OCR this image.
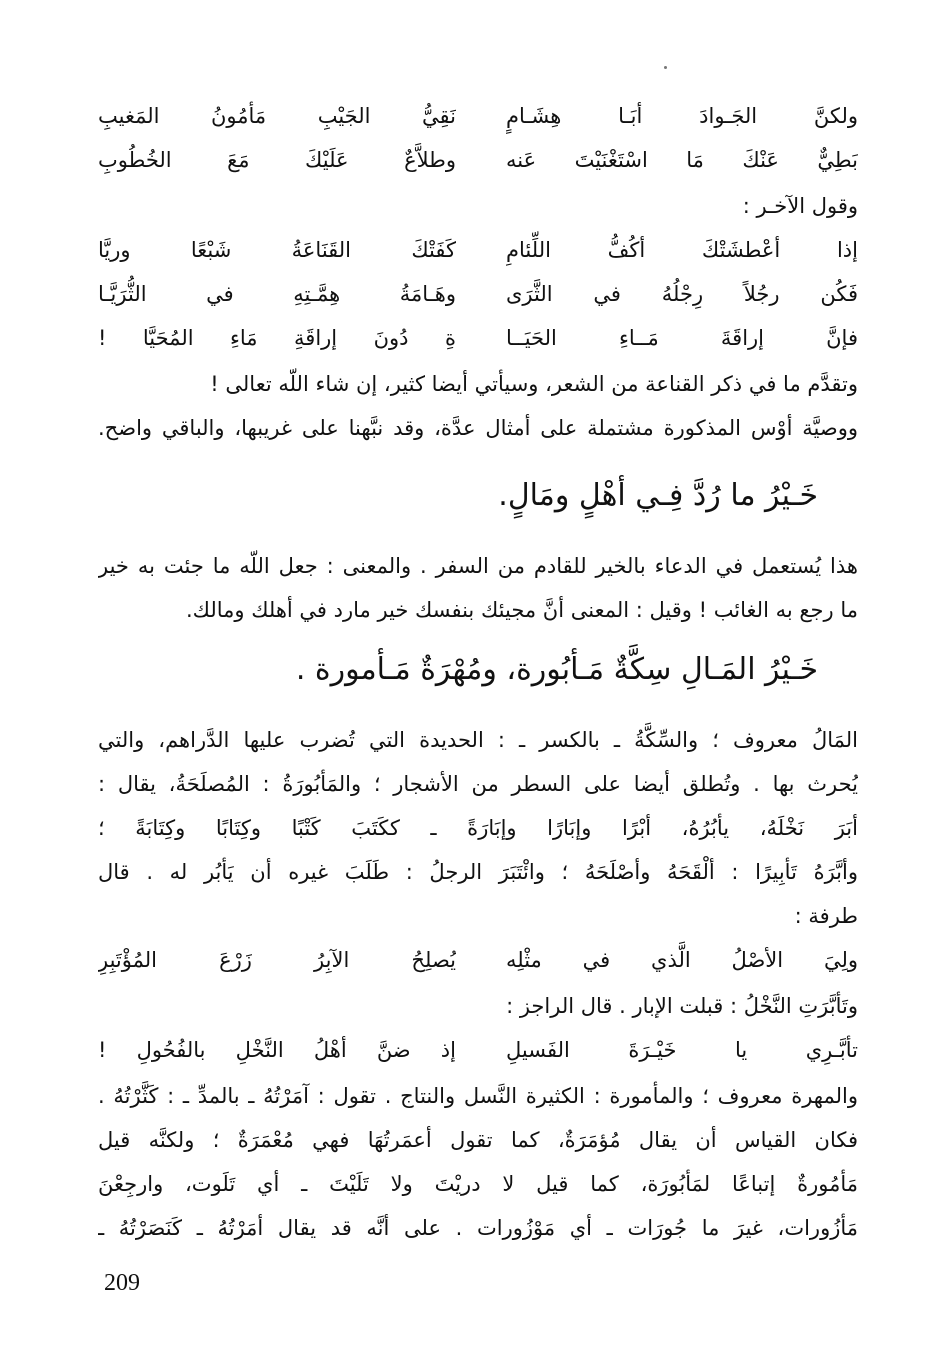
ولكنَّ الجَـوادَ أبَـا هِشَـامٍ
نَقِيُّ الجَيْبِ مَأمُونُ المَغيبِ
بَطِيٌّ عَنْكَ مَا اسْتَغْنَيْتَ عَنه
وطلاَّعٌ عَلَيْكَ مَعَ الخُطُوبِ
وقول الآخـر :
إذا أعْطشَتْكَ أكُفُّ اللِّئامِ
كَفَتْكَ القَنَاعَةُ شَبْعًا وريَّا
فَكُن رجُلاً رِجْلُهُ في الثَّرَى
وهَـامَةُ هِمَّـتِهِ في الثُّرَيَّـا
فإنَّ إراقَةَ مَــاءِ الحَيَــا
ةِ دُونَ إراقَةِ مَاءِ المُحَيَّا !
وتقدَّم ما في ذكر القناعة من الشعر، وسيأتي أيضا كثير، إن شاء اللّه تعالى !
ووصيَّة أوْس المذكورة مشتملة على أمثال عدَّة، وقد نبَّهنا على غريبها، والباقي واضح.
خَـيْرُ ما رُدَّ فِـي أهْلٍ ومَالٍ.
هذا يُستعمل في الدعاء بالخير للقادم من السفر . والمعنى : جعل اللّه ما جئت به خير
ما رجع به الغائب ! وقيل : المعنى أنَّ مجيئك بنفسك خير مارد في أهلك ومالك.
خَـيْرُ المَـالِ سِكَّةٌ مَـأبُورة، ومُهْرَةٌ مَـأمورة .
المَالُ معروف ؛ والسِّكَّةُ ـ بالكسر ـ : الحديدة التي تُضرب عليها الدَّراهم، والتي
يُحرث بها . وتُطلق أيضا على السطر من الأشجار ؛ والمَأبُورَةُ : المُصلَحَةُ، يقال :
أبَرَ نَخْلَهُ، يأبُرُهُ، أبْرًا وإبَارًا وإبَارَةً ـ ككَتَبَ كَتْبًا وكِتَابًا وكِتَابَةً ؛
وأبَّرَهُ تَأبِيرًا : ألْقَحَهُ وأصْلَحَهُ ؛ وائْتَبَرَ الرجلُ : طَلَبَ غيره أن يَأبُر له . قال
طرفة :
ولِيَ الأصْلُ الَّذي في مثْلِه
يُصلِحُ الآبِرُ زَرْعَ المُؤْتَبِرِ
وتَأبَّرَتِ النَّخْلُ : قبلت الإبار . قال الراجز :
تأبَّـرِي يا خَيْـرَةَ الفَسيلِ
إذ ضنَّ أهْلُ النَّخْلِ بالفُحُولِ !
والمهرة معروف ؛ والمأمورة : الكثيرة النَّسل والنتاج . تقول : آمَرْتُهُ ـ بالمدِّ ـ : كَثَّرْتُهُ .
فكان القياس أن يقال مُؤمَرَةٌ، كما تقول أعمَرتُهَا فهي مُعْمَرَةٌ ؛ ولكنَّه قيل
مَأمُورةٌ إتباعًا لمَأبُورَة، كما قيل لا دريْتَ ولا تَلَيْتَ ـ أي تَلَوت، وارجِعْنَ
مَأزُورات، غيرَ ما جُورَات ـ أي مَوْزُورات . على أنَّه قد يقال أمَرْتُهُ ـ كَنَصَرْتُهُ ـ
209
